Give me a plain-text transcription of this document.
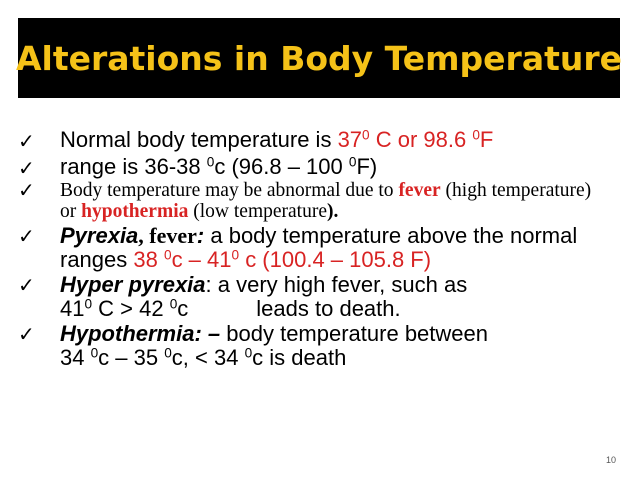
Alterations in Body Temperature
✓	Normal body temperature is $37^0$ C or 98.6 $^0$F
✓	range is 36-38 $^0$c (96.8 – 100 $^0$F)
✓	Body temperature may be abnormal due to fever (high temperature) or hypothermia (low temperature).
✓	Pyrexia, fever: a body temperature above the normal ranges 38 $^0c - 41^0$ c (100.4 – 105.8 F)
✓	Hyper pyrexia: a very high fever, such as
$41^0$ C > 42 $^0$c	leads to death.
✓	Hypothermia: – body temperature between
34 $^0$c – 35 $^0$c, < 34 $^0$c is death
10
